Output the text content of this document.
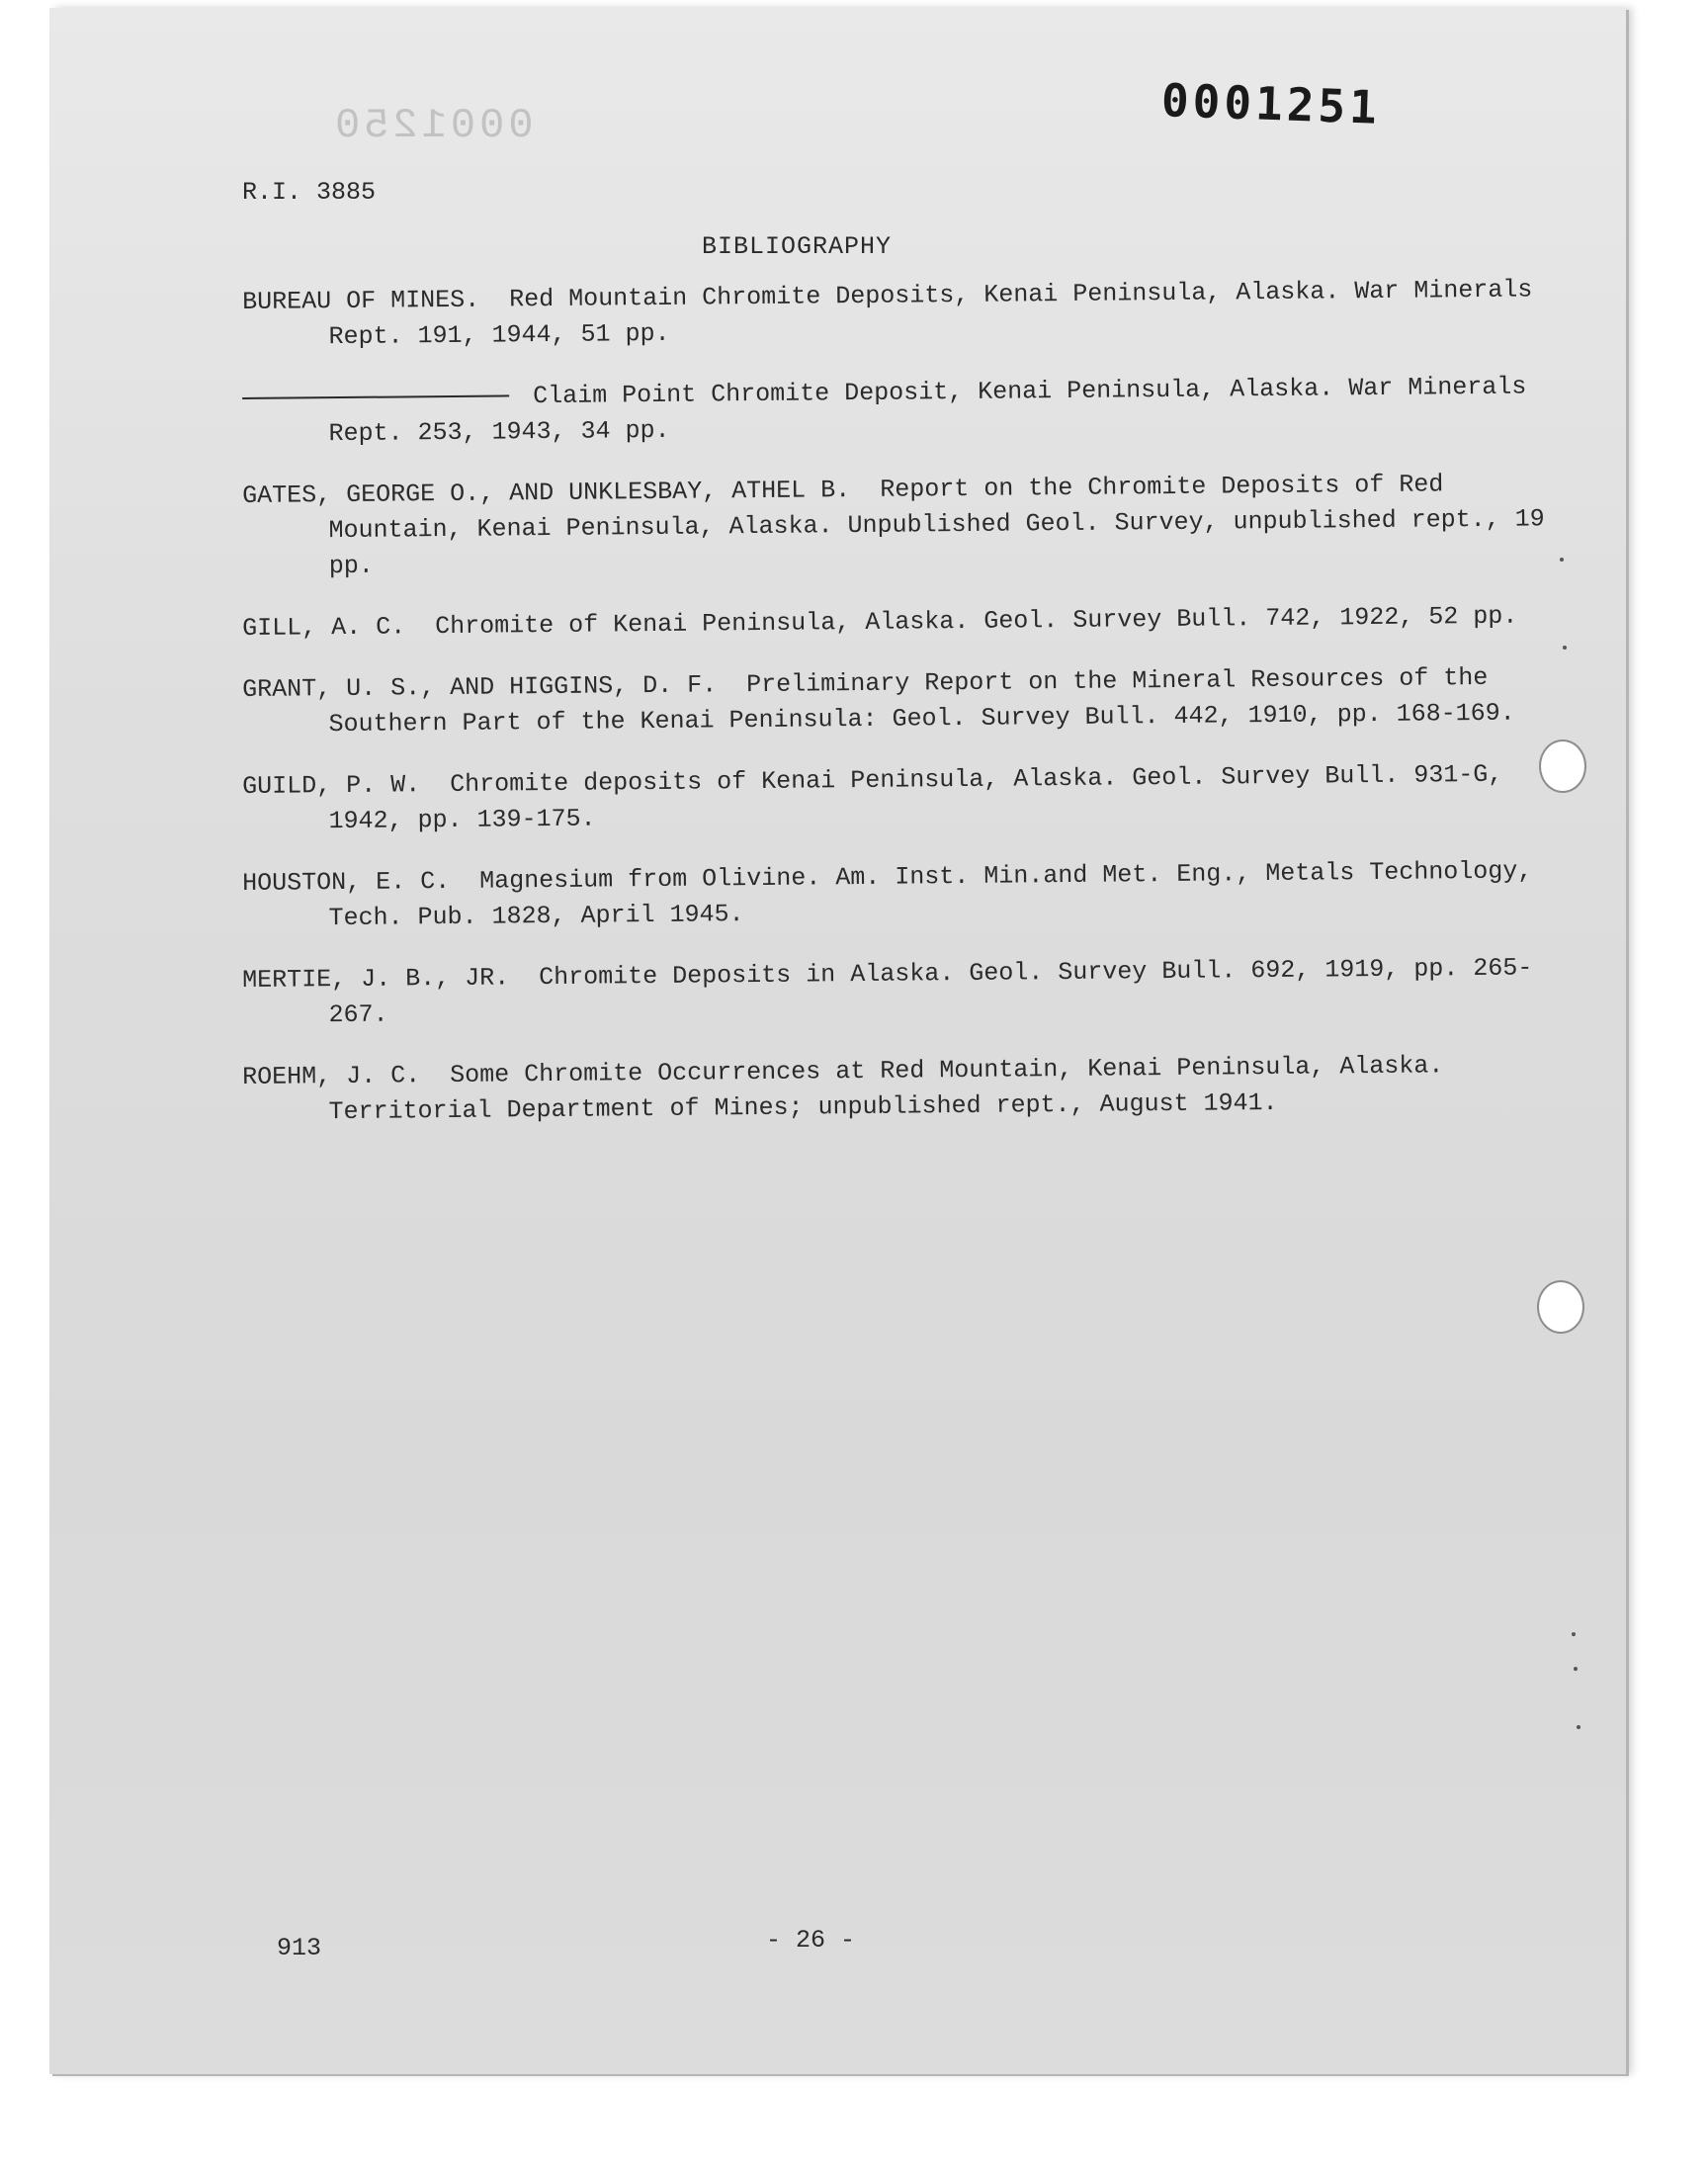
0001250	0001251
R.I. 3885
BIBLIOGRAPHY
BUREAU OF MINES. Red Mountain Chromite Deposits, Kenai Peninsula, Alaska. War Minerals Rept. 191, 1944, 51 pp.
Claim Point Chromite Deposit, Kenai Peninsula, Alaska. War Minerals Rept. 253, 1943, 34 pp.
GATES, GEORGE O., AND UNKLESBAY, ATHEL B. Report on the Chromite Deposits of Red Mountain, Kenai Peninsula, Alaska. Unpublished Geol. Survey, unpublished rept., 19 pp.
GILL, A. C. Chromite of Kenai Peninsula, Alaska. Geol. Survey Bull. 742, 1922, 52 pp.
GRANT, U. S., AND HIGGINS, D. F. Preliminary Report on the Mineral Resources of the Southern Part of the Kenai Peninsula: Geol. Survey Bull. 442, 1910, pp. 168-169.
GUILD, P. W. Chromite deposits of Kenai Peninsula, Alaska. Geol. Survey Bull. 931-G, 1942, pp. 139-175.
HOUSTON, E. C. Magnesium from Olivine. Am. Inst. Min.and Met. Eng., Metals Technology, Tech. Pub. 1828, April 1945.
MERTIE, J. B., JR. Chromite Deposits in Alaska. Geol. Survey Bull. 692, 1919, pp. 265-267.
ROEHM, J. C. Some Chromite Occurrences at Red Mountain, Kenai Peninsula, Alaska. Territorial Department of Mines; unpublished rept., August 1941.
913	- 26 -
